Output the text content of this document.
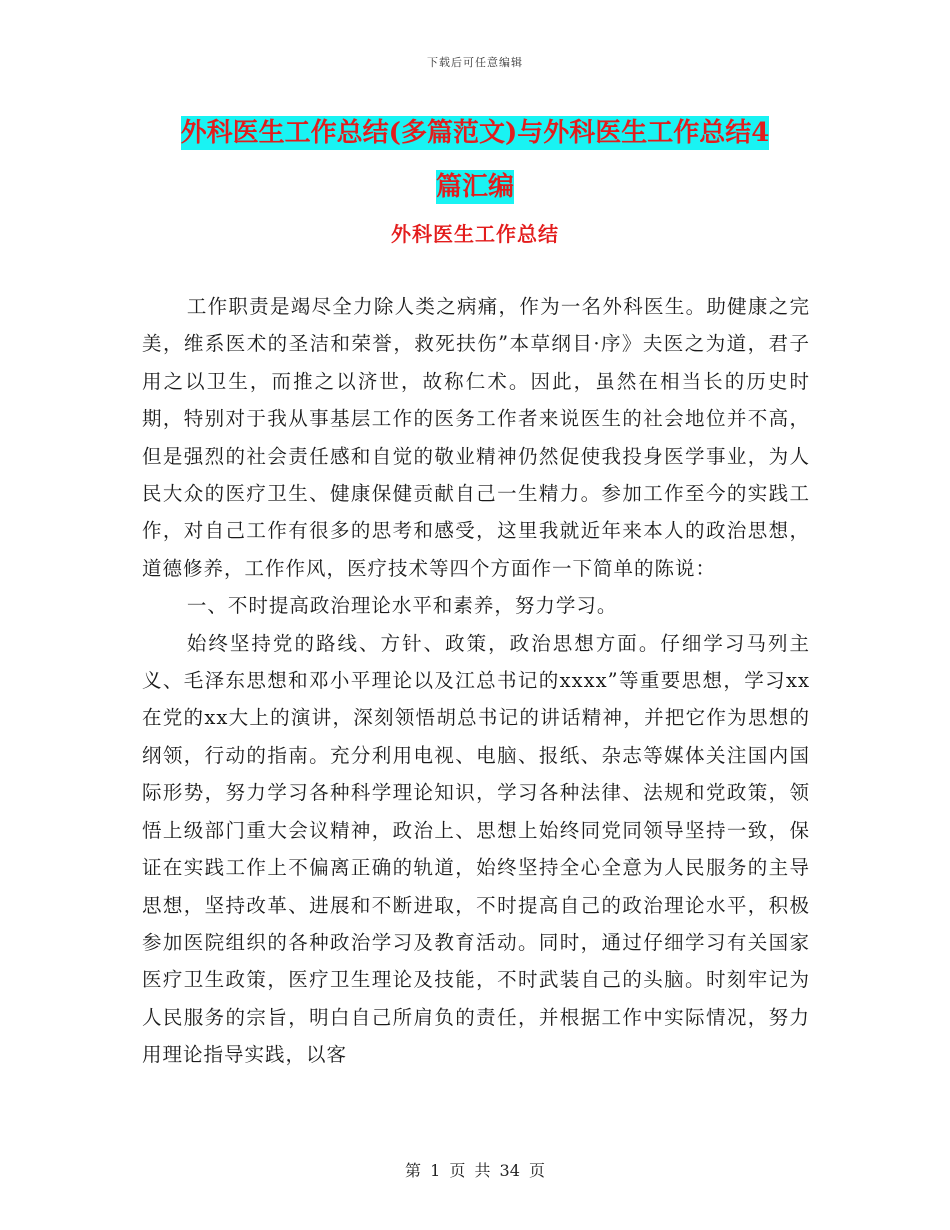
下载后可任意编辑
外科医生工作总结(多篇范文)与外科医生工作总结4
篇汇编
外科医生工作总结

工作职责是竭尽全力除人类之病痛，作为一名外科医生。助健康之完美，维系医术的圣洁和荣誉，救死扶伤”本草纲目·序》夫医之为道，君子用之以卫生，而推之以济世，故称仁术。因此，虽然在相当长的历史时期，特别对于我从事基层工作的医务工作者来说医生的社会地位并不高，但是强烈的社会责任感和自觉的敬业精神仍然促使我投身医学事业，为人民大众的医疗卫生、健康保健贡献自己一生精力。参加工作至今的实践工作，对自己工作有很多的思考和感受，这里我就近年来本人的政治思想，道德修养，工作作风，医疗技术等四个方面作一下简单的陈说：

一、不时提高政治理论水平和素养，努力学习。

始终坚持党的路线、方针、政策，政治思想方面。仔细学习马列主义、毛泽东思想和邓小平理论以及江总书记的xxxx”等重要思想，学习xx在党的xx大上的演讲，深刻领悟胡总书记的讲话精神，并把它作为思想的纲领，行动的指南。充分利用电视、电脑、报纸、杂志等媒体关注国内国际形势，努力学习各种科学理论知识，学习各种法律、法规和党政策，领悟上级部门重大会议精神，政治上、思想上始终同党同领导坚持一致，保证在实践工作上不偏离正确的轨道，始终坚持全心全意为人民服务的主导思想，坚持改革、进展和不断进取，不时提高自己的政治理论水平，积极参加医院组织的各种政治学习及教育活动。同时，通过仔细学习有关国家医疗卫生政策，医疗卫生理论及技能，不时武装自己的头脑。时刻牢记为人民服务的宗旨，明白自己所肩负的责任，并根据工作中实际情况，努力用理论指导实践，以客

第 1 页 共 34 页
